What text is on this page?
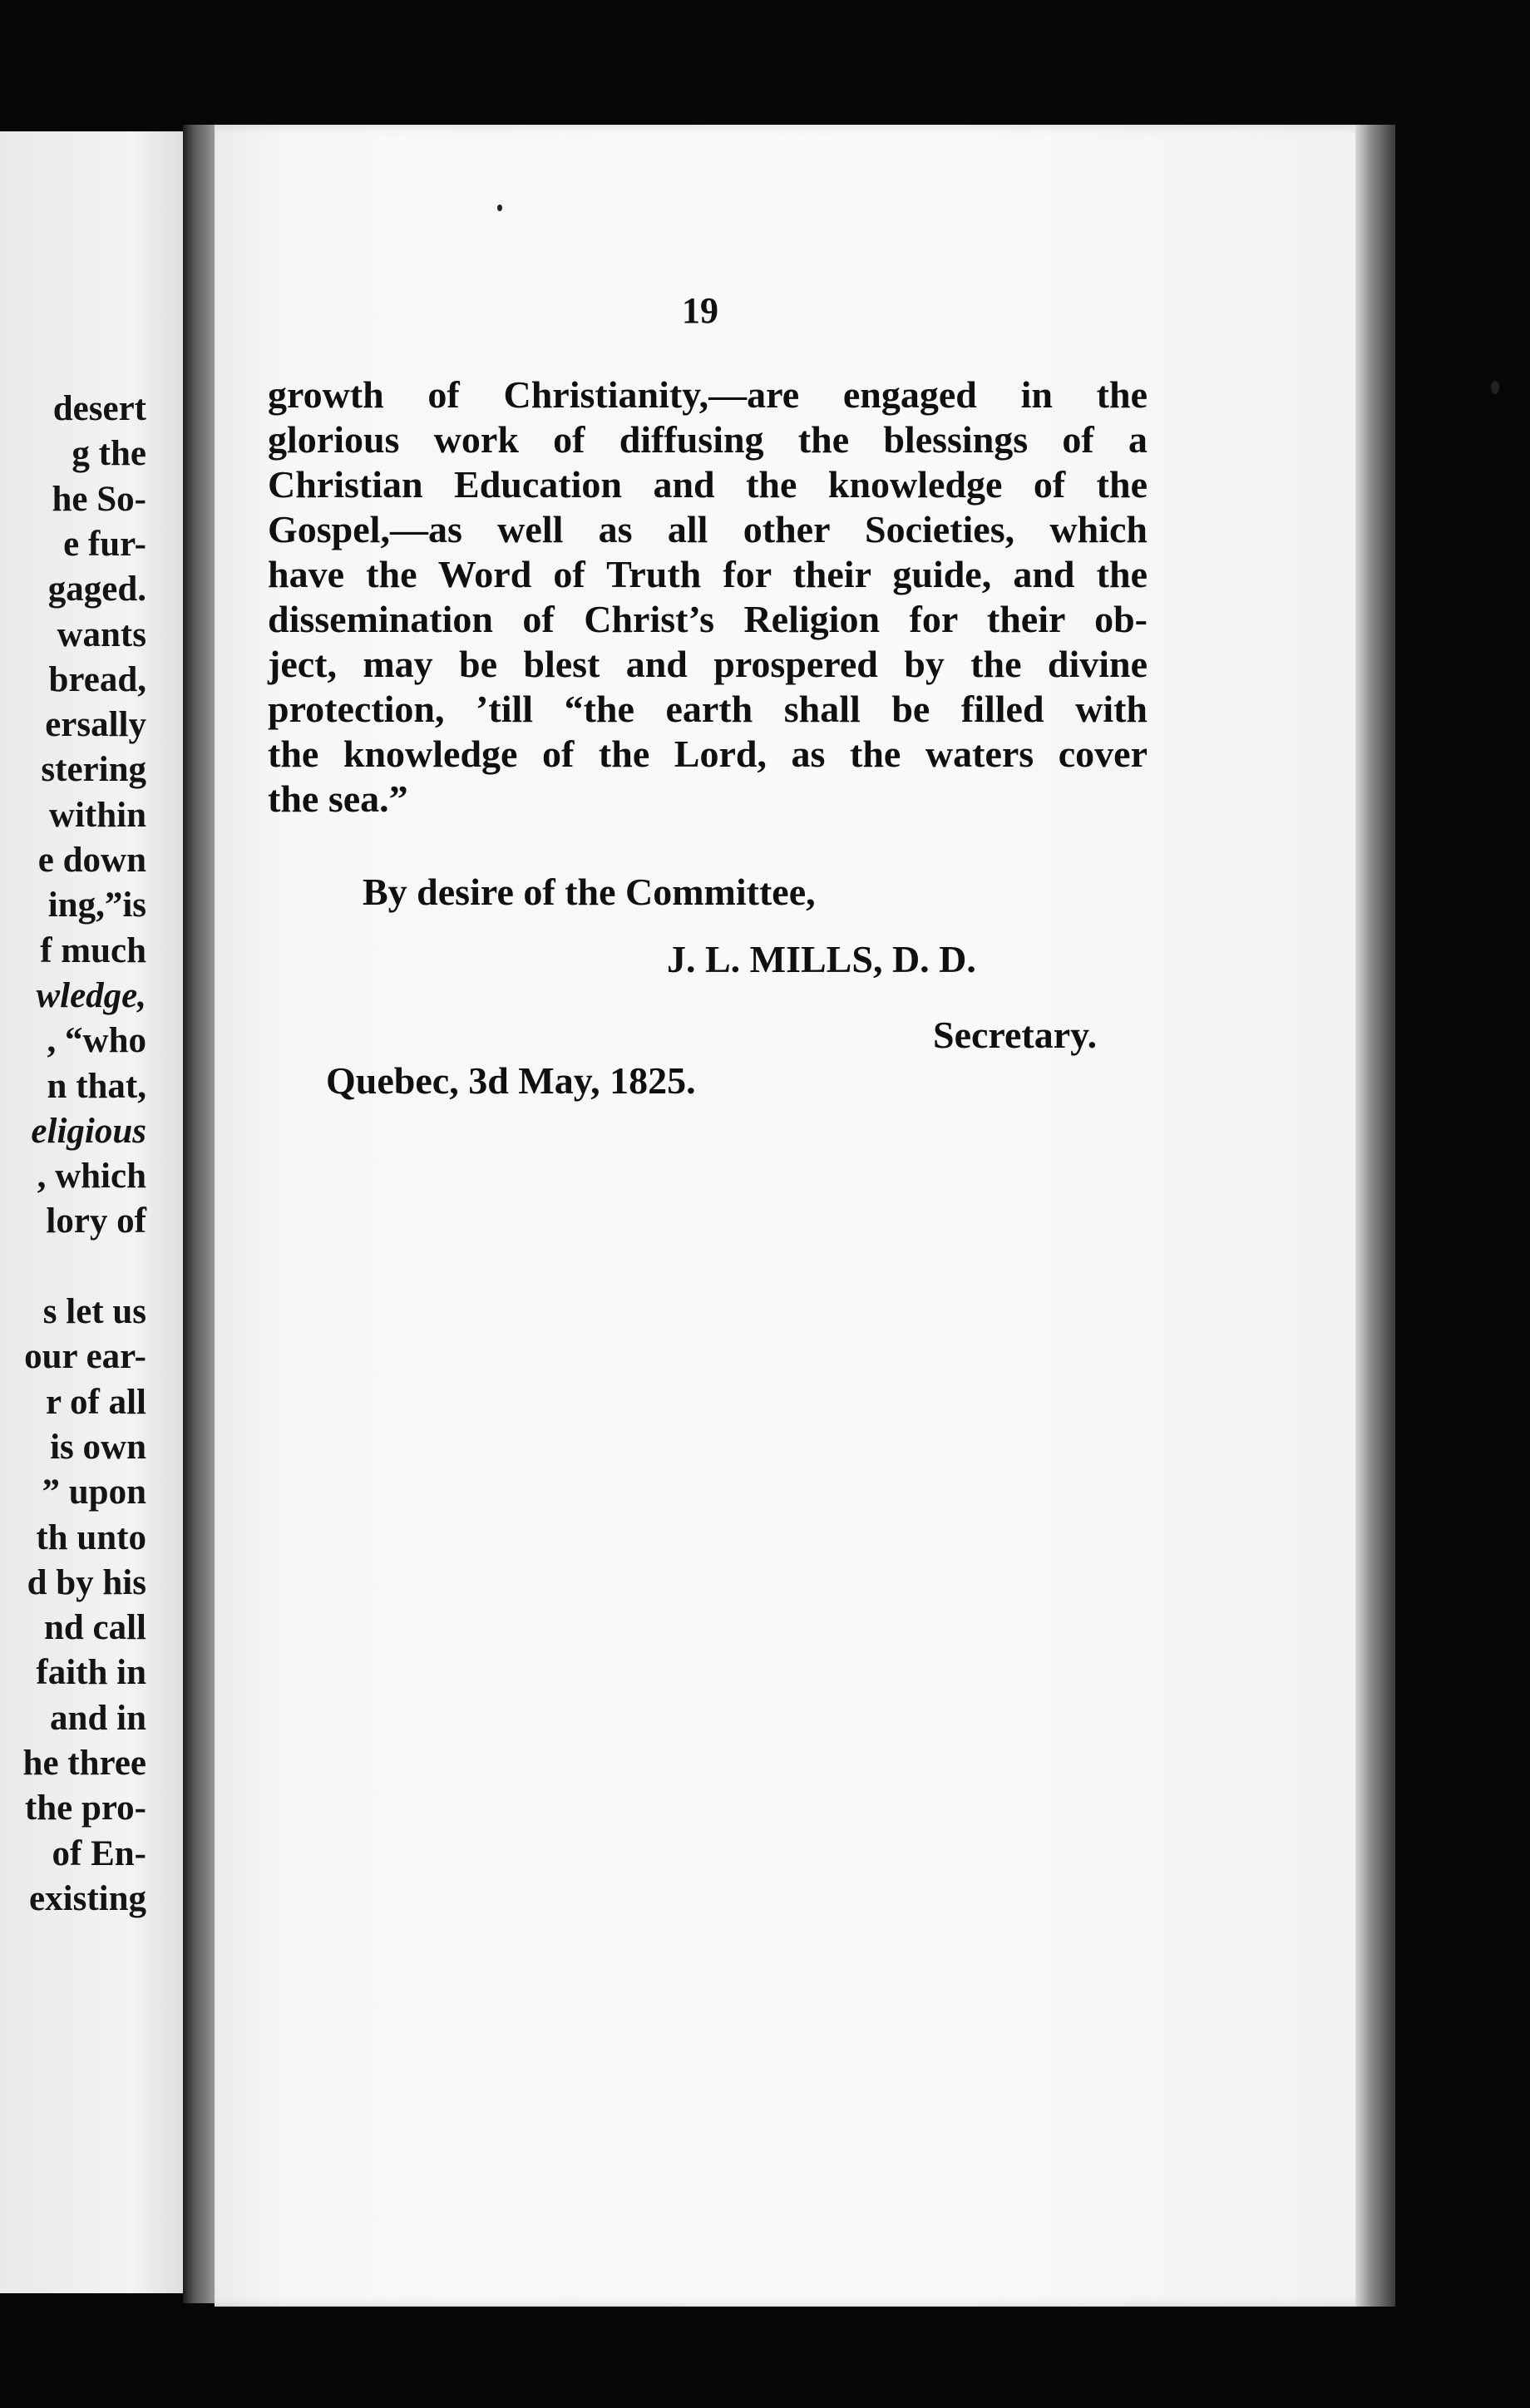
desert
g the
he So-
e fur-
gaged.
wants
bread,
ersally
stering
within
e down
ing,”is
f much
wledge,
, “who
n that,
eligious
, which
lory of
s let us
our ear-
r of all
is own
” upon
th unto
d by his
nd call
faith in
and in
he three
the pro-
of En-
existing
19
growth of Christianity,—are engaged in the
glorious work of diffusing the blessings of a
Christian Education and the knowledge of the
Gospel,—as well as all other Societies, which
have the Word of Truth for their guide, and the
dissemination of Christ’s Religion for their ob-
ject, may be blest and prospered by the divine
protection, ’till “the earth shall be filled with
the knowledge of the Lord, as the waters cover
the sea.”
By desire of the Committee,
J. L. MILLS, D. D.
Secretary.
Quebec, 3d May, 1825.
